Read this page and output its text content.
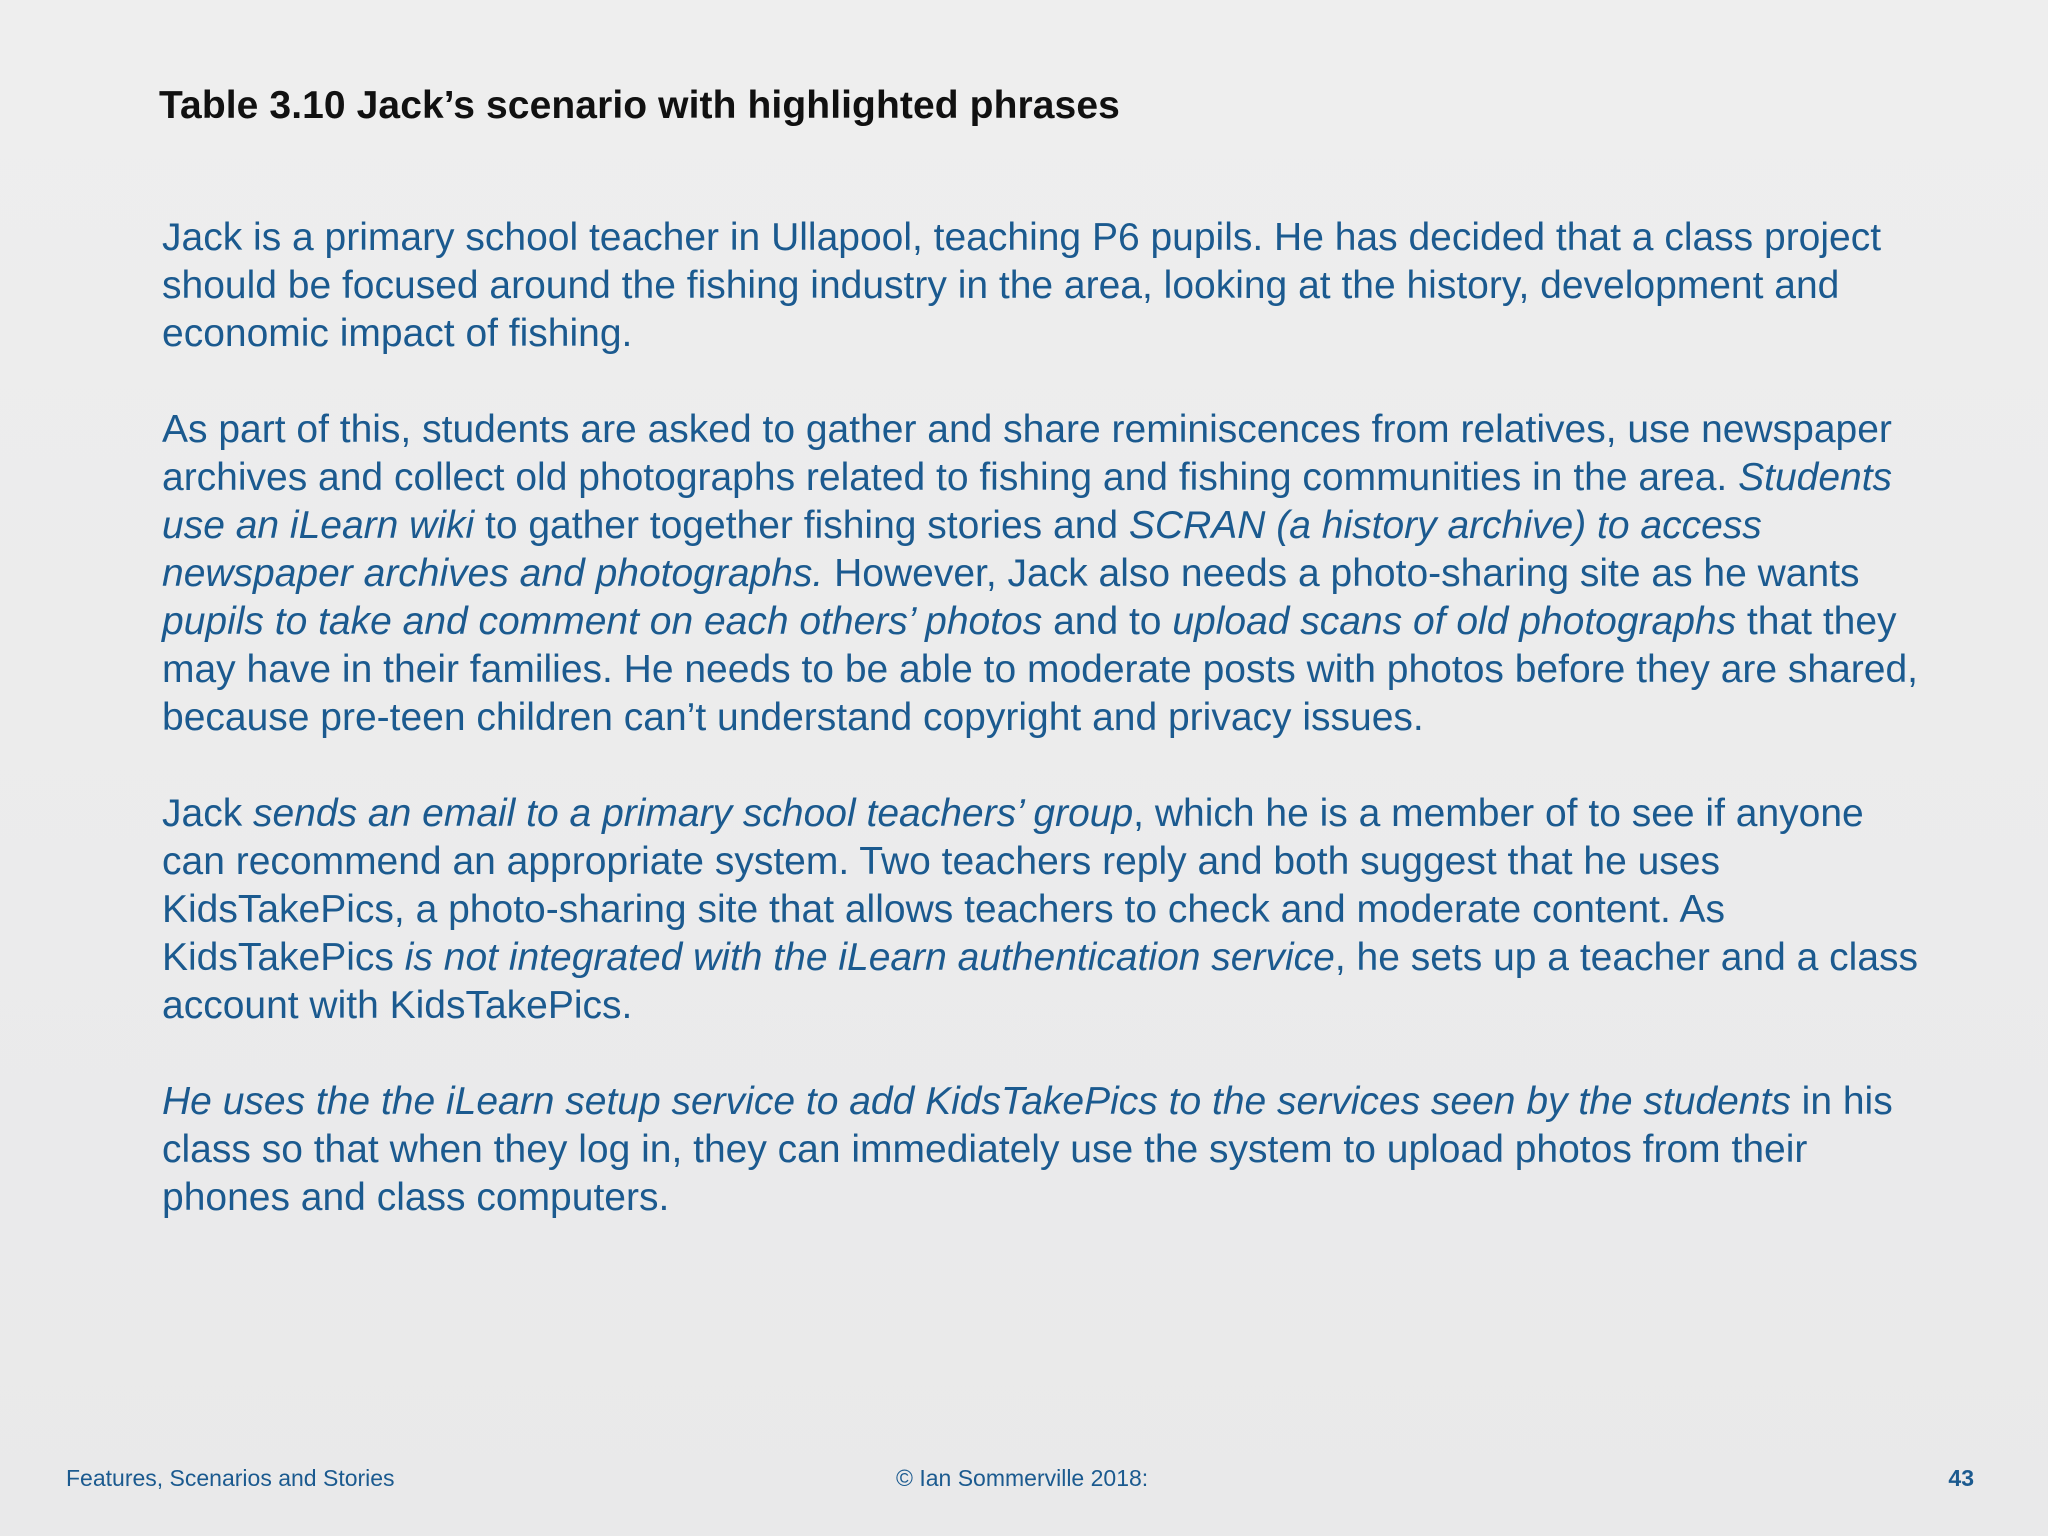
Table 3.10 Jack’s scenario with highlighted phrases

Jack is a primary school teacher in Ullapool, teaching P6 pupils. He has decided that a class project should be focused around the fishing industry in the area, looking at the history, development and economic impact of fishing.

As part of this, students are asked to gather and share reminiscences from relatives, use newspaper archives and collect old photographs related to fishing and fishing communities in the area. Students use an iLearn wiki to gather together fishing stories and SCRAN (a history archive) to access newspaper archives and photographs. However, Jack also needs a photo-sharing site as he wants pupils to take and comment on each others’ photos and to upload scans of old photographs that they may have in their families. He needs to be able to moderate posts with photos before they are shared, because pre-teen children can’t understand copyright and privacy issues.

Jack sends an email to a primary school teachers’ group, which he is a member of to see if anyone can recommend an appropriate system. Two teachers reply and both suggest that he uses KidsTakePics, a photo-sharing site that allows teachers to check and moderate content. As KidsTakePics is not integrated with the iLearn authentication service, he sets up a teacher and a class account with KidsTakePics.

He uses the the iLearn setup service to add KidsTakePics to the services seen by the students in his class so that when they log in, they can immediately use the system to upload photos from their phones and class computers.

Features, Scenarios and Stories	© Ian Sommerville 2018:	43
